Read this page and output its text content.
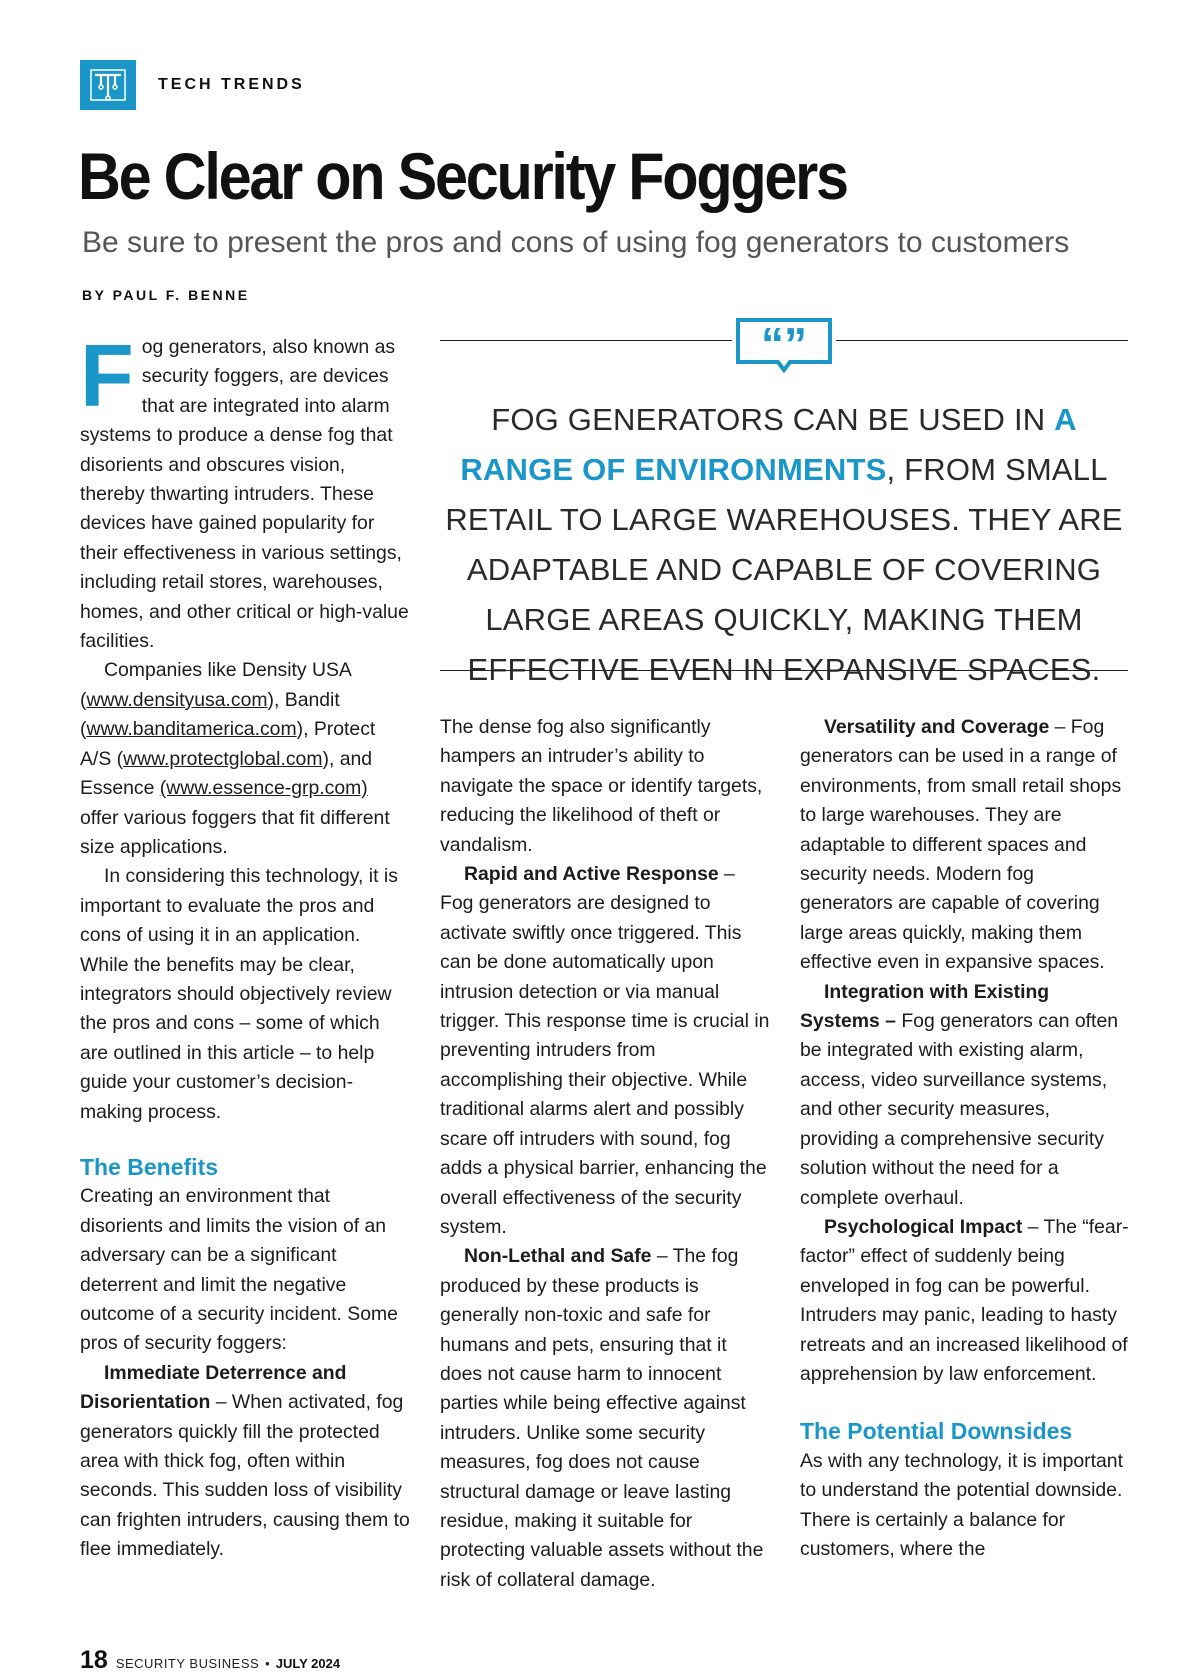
TECH TRENDS
Be Clear on Security Foggers
Be sure to present the pros and cons of using fog generators to customers
BY PAUL F. BENNE
“”

FOG GENERATORS CAN BE USED IN A RANGE OF ENVIRONMENTS, FROM SMALL RETAIL TO LARGE WAREHOUSES. THEY ARE ADAPTABLE AND CAPABLE OF COVERING LARGE AREAS QUICKLY, MAKING THEM EFFECTIVE EVEN IN EXPANSIVE SPACES.

Fog generators, also known as security foggers, are devices that are integrated into alarm systems to produce a dense fog that disorients and obscures vision, thereby thwarting intruders. These devices have gained popularity for their effectiveness in various settings, including retail stores, warehouses, homes, and other critical or high-value facilities.

Companies like Density USA (www.densityusa.com), Bandit (www.banditamerica.com), Protect A/S (www.protectglobal.com), and Essence (www.essence-grp.com) offer various foggers that fit different size applications.

In considering this technology, it is important to evaluate the pros and cons of using it in an application. While the benefits may be clear, integrators should objectively review the pros and cons – some of which are outlined in this article – to help guide your customer’s decision-making process.

The Benefits

Creating an environment that disorients and limits the vision of an adversary can be a significant deterrent and limit the negative outcome of a security incident. Some pros of security foggers:

Immediate Deterrence and Disorientation – When activated, fog generators quickly fill the protected area with thick fog, often within seconds. This sudden loss of visibility can frighten intruders, causing them to flee immediately.

The dense fog also significantly hampers an intruder’s ability to navigate the space or identify targets, reducing the likelihood of theft or vandalism.

Rapid and Active Response – Fog generators are designed to activate swiftly once triggered. This can be done automatically upon intrusion detection or via manual trigger. This response time is crucial in preventing intruders from accomplishing their objective. While traditional alarms alert and possibly scare off intruders with sound, fog adds a physical barrier, enhancing the overall effectiveness of the security system.

Non-Lethal and Safe – The fog produced by these products is generally non-toxic and safe for humans and pets, ensuring that it does not cause harm to innocent parties while being effective against intruders. Unlike some security measures, fog does not cause structural damage or leave lasting residue, making it suitable for protecting valuable assets without the risk of collateral damage.

Versatility and Coverage – Fog generators can be used in a range of environments, from small retail shops to large warehouses. They are adaptable to different spaces and security needs. Modern fog generators are capable of covering large areas quickly, making them effective even in expansive spaces.

Integration with Existing Systems – Fog generators can often be integrated with existing alarm, access, video surveillance systems, and other security measures, providing a comprehensive security solution without the need for a complete overhaul.

Psychological Impact – The “fear-factor” effect of suddenly being enveloped in fog can be powerful. Intruders may panic, leading to hasty retreats and an increased likelihood of apprehension by law enforcement.

The Potential Downsides

As with any technology, it is important to understand the potential downside. There is certainly a balance for customers, where the

18 SECURITY BUSINESS • JULY 2024
